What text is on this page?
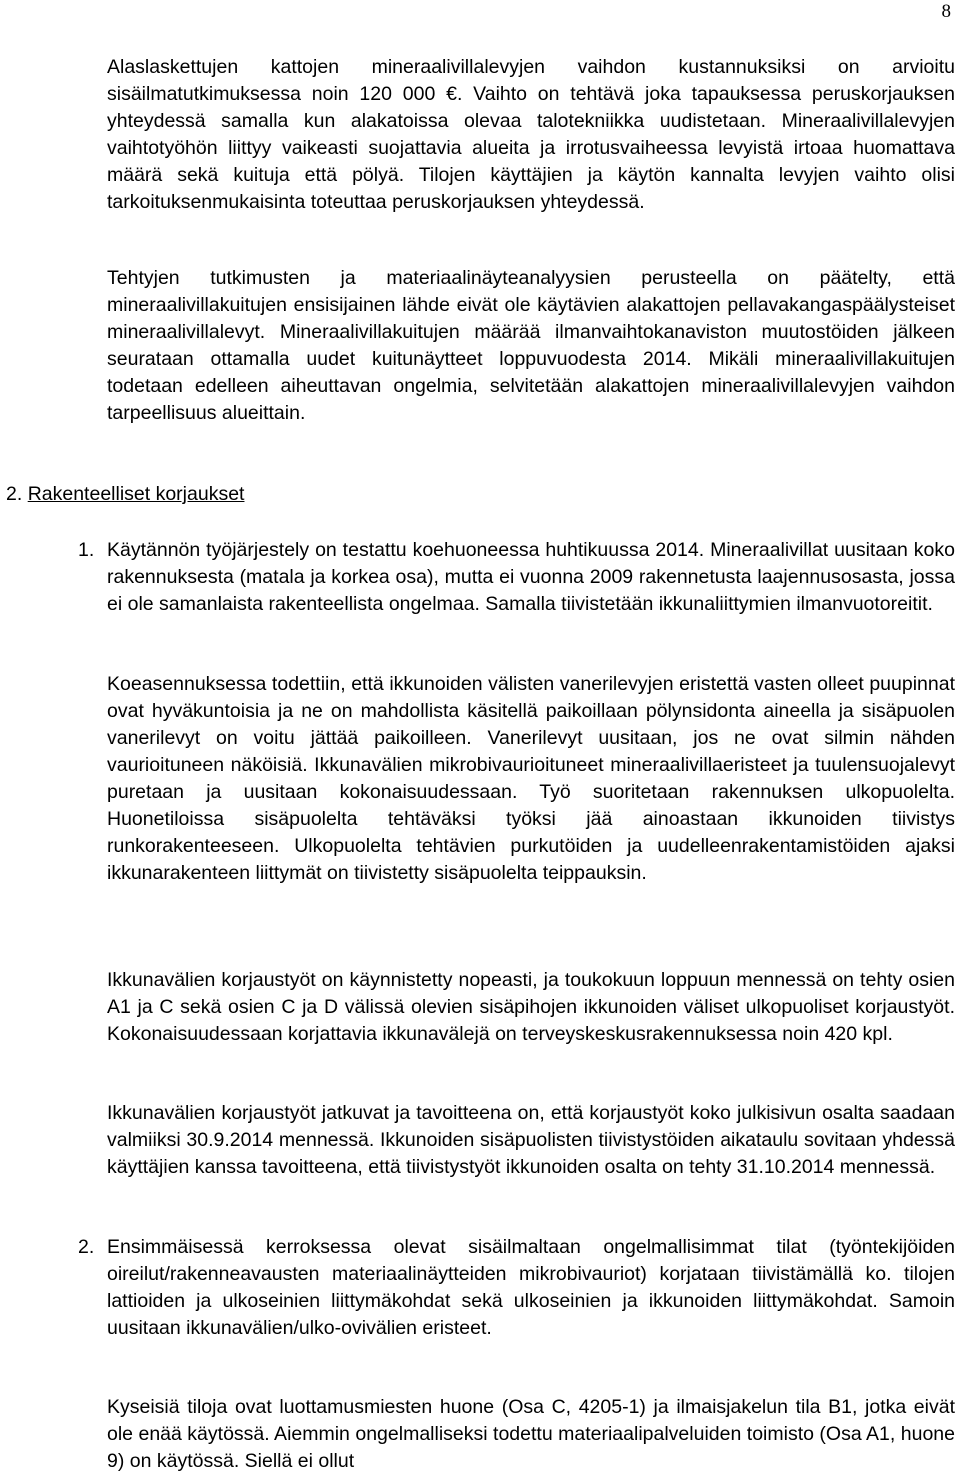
8

Alaslaskettujen kattojen mineraalivillalevyjen vaihdon kustannuksiksi on arvioitu sisäilmatutkimuksessa noin 120 000 €. Vaihto on tehtävä joka tapauksessa peruskorjauksen yhteydessä samalla kun alakatoissa olevaa talotekniikka uudistetaan. Mineraalivillalevyjen vaihtotyöhön liittyy vaikeasti suojattavia alueita ja irrotusvaiheessa levyistä irtoaa huomattava määrä sekä kuituja että pölyä. Tilojen käyttäjien ja käytön kannalta levyjen vaihto olisi tarkoituksenmukaisinta toteuttaa peruskorjauksen yhteydessä.

Tehtyjen tutkimusten ja materiaalinäyteanalyysien perusteella on päätelty, että mineraalivillakuitujen ensisijainen lähde eivät ole käytävien alakattojen pellavakangaspäälysteiset mineraalivillalevyt. Mineraalivillakuitujen määrää ilmanvaihtokanaviston muutostöiden jälkeen seurataan ottamalla uudet kuitunäytteet loppuvuodesta 2014. Mikäli mineraalivillakuitujen todetaan edelleen aiheuttavan ongelmia, selvitetään alakattojen mineraalivillalevyjen vaihdon tarpeellisuus alueittain.

2. Rakenteelliset korjaukset
1. Käytännön työjärjestely on testattu koehuoneessa huhtikuussa 2014. Mineraalivillat uusitaan koko rakennuksesta (matala ja korkea osa), mutta ei vuonna 2009 rakennetusta laajennusosasta, jossa ei ole samanlaista rakenteellista ongelmaa. Samalla tiivistetään ikkunaliittymien ilmanvuotoreitit.

Koeasennuksessa todettiin, että ikkunoiden välisten vanerilevyjen eristettä vasten olleet puupinnat ovat hyväkuntoisia ja ne on mahdollista käsitellä paikoillaan pölynsidonta aineella ja sisäpuolen vanerilevyt on voitu jättää paikoilleen. Vanerilevyt uusitaan, jos ne ovat silmin nähden vaurioituneen näköisiä. Ikkunavälien mikrobivaurioituneet mineraalivillaeristeet ja tuulensuojalevyt puretaan ja uusitaan kokonaisuudessaan. Työ suoritetaan rakennuksen ulkopuolelta. Huonetiloissa sisäpuolelta tehtäväksi työksi jää ainoastaan ikkunoiden tiivistys runkorakenteeseen. Ulkopuolelta tehtävien purkutöiden ja uudelleenrakentamistöiden ajaksi ikkunarakenteen liittymät on tiivistetty sisäpuolelta teippauksin.

Ikkunavälien korjaustyöt on käynnistetty nopeasti, ja toukokuun loppuun mennessä on tehty osien A1 ja C sekä osien C ja D välissä olevien sisäpihojen ikkunoiden väliset ulkopuoliset korjaustyöt. Kokonaisuudessaan korjattavia ikkunavälejä on terveyskeskusrakennuksessa noin 420 kpl.

Ikkunavälien korjaustyöt jatkuvat ja tavoitteena on, että korjaustyöt koko julkisivun osalta saadaan valmiiksi 30.9.2014 mennessä. Ikkunoiden sisäpuolisten tiivistystöiden aikataulu sovitaan yhdessä käyttäjien kanssa tavoitteena, että tiivistystyöt ikkunoiden osalta on tehty 31.10.2014 mennessä.

2. Ensimmäisessä kerroksessa olevat sisäilmaltaan ongelmallisimmat tilat (työntekijöiden oireilut/rakenneavausten materiaalinäytteiden mikrobivauriot) korjataan tiivistämällä ko. tilojen lattioiden ja ulkoseinien liittymäkohdat sekä ulkoseinien ja ikkunoiden liittymäkohdat. Samoin uusitaan ikkunavälien/ulko-ovivälien eristeet.

Kyseisiä tiloja ovat luottamusmiesten huone (Osa C, 4205-1) ja ilmaisjakelun tila B1, jotka eivät ole enää käytössä. Aiemmin ongelmalliseksi todettu materiaalipalveluiden toimisto (Osa A1, huone 9) on käytössä. Siellä ei ollut
